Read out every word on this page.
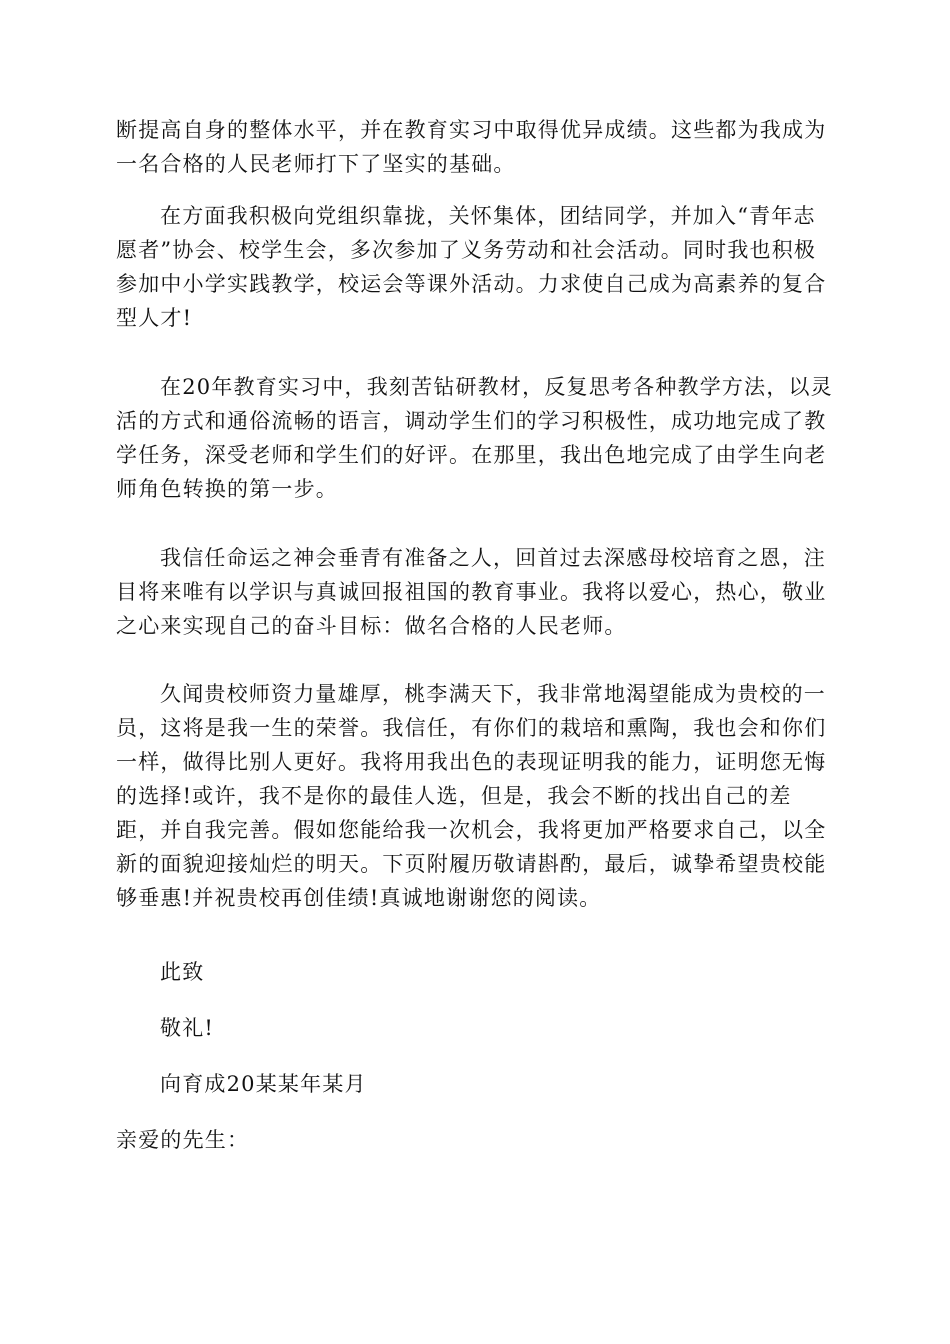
断提高自身的整体水平，并在教育实习中取得优异成绩。这些都为我成为一名合格的人民老师打下了坚实的基础。

在方面我积极向党组织靠拢，关怀集体，团结同学，并加入“青年志愿者”协会、校学生会，多次参加了义务劳动和社会活动。同时我也积极参加中小学实践教学，校运会等课外活动。力求使自己成为高素养的复合型人才!

在20年教育实习中，我刻苦钻研教材，反复思考各种教学方法，以灵活的方式和通俗流畅的语言，调动学生们的学习积极性，成功地完成了教学任务，深受老师和学生们的好评。在那里，我出色地完成了由学生向老师角色转换的第一步。

我信任命运之神会垂青有准备之人，回首过去深感母校培育之恩，注目将来唯有以学识与真诚回报祖国的教育事业。我将以爱心，热心，敬业之心来实现自己的奋斗目标：做名合格的人民老师。

久闻贵校师资力量雄厚，桃李满天下，我非常地渴望能成为贵校的一员，这将是我一生的荣誉。我信任，有你们的栽培和熏陶，我也会和你们一样，做得比别人更好。我将用我出色的表现证明我的能力，证明您无悔的选择!或许，我不是你的最佳人选，但是，我会不断的找出自己的差距，并自我完善。假如您能给我一次机会，我将更加严格要求自己，以全新的面貌迎接灿烂的明天。下页附履历敬请斟酌，最后，诚挚希望贵校能够垂惠!并祝贵校再创佳绩!真诚地谢谢您的阅读。

此致

敬礼!

向育成20某某年某月

亲爱的先生：
